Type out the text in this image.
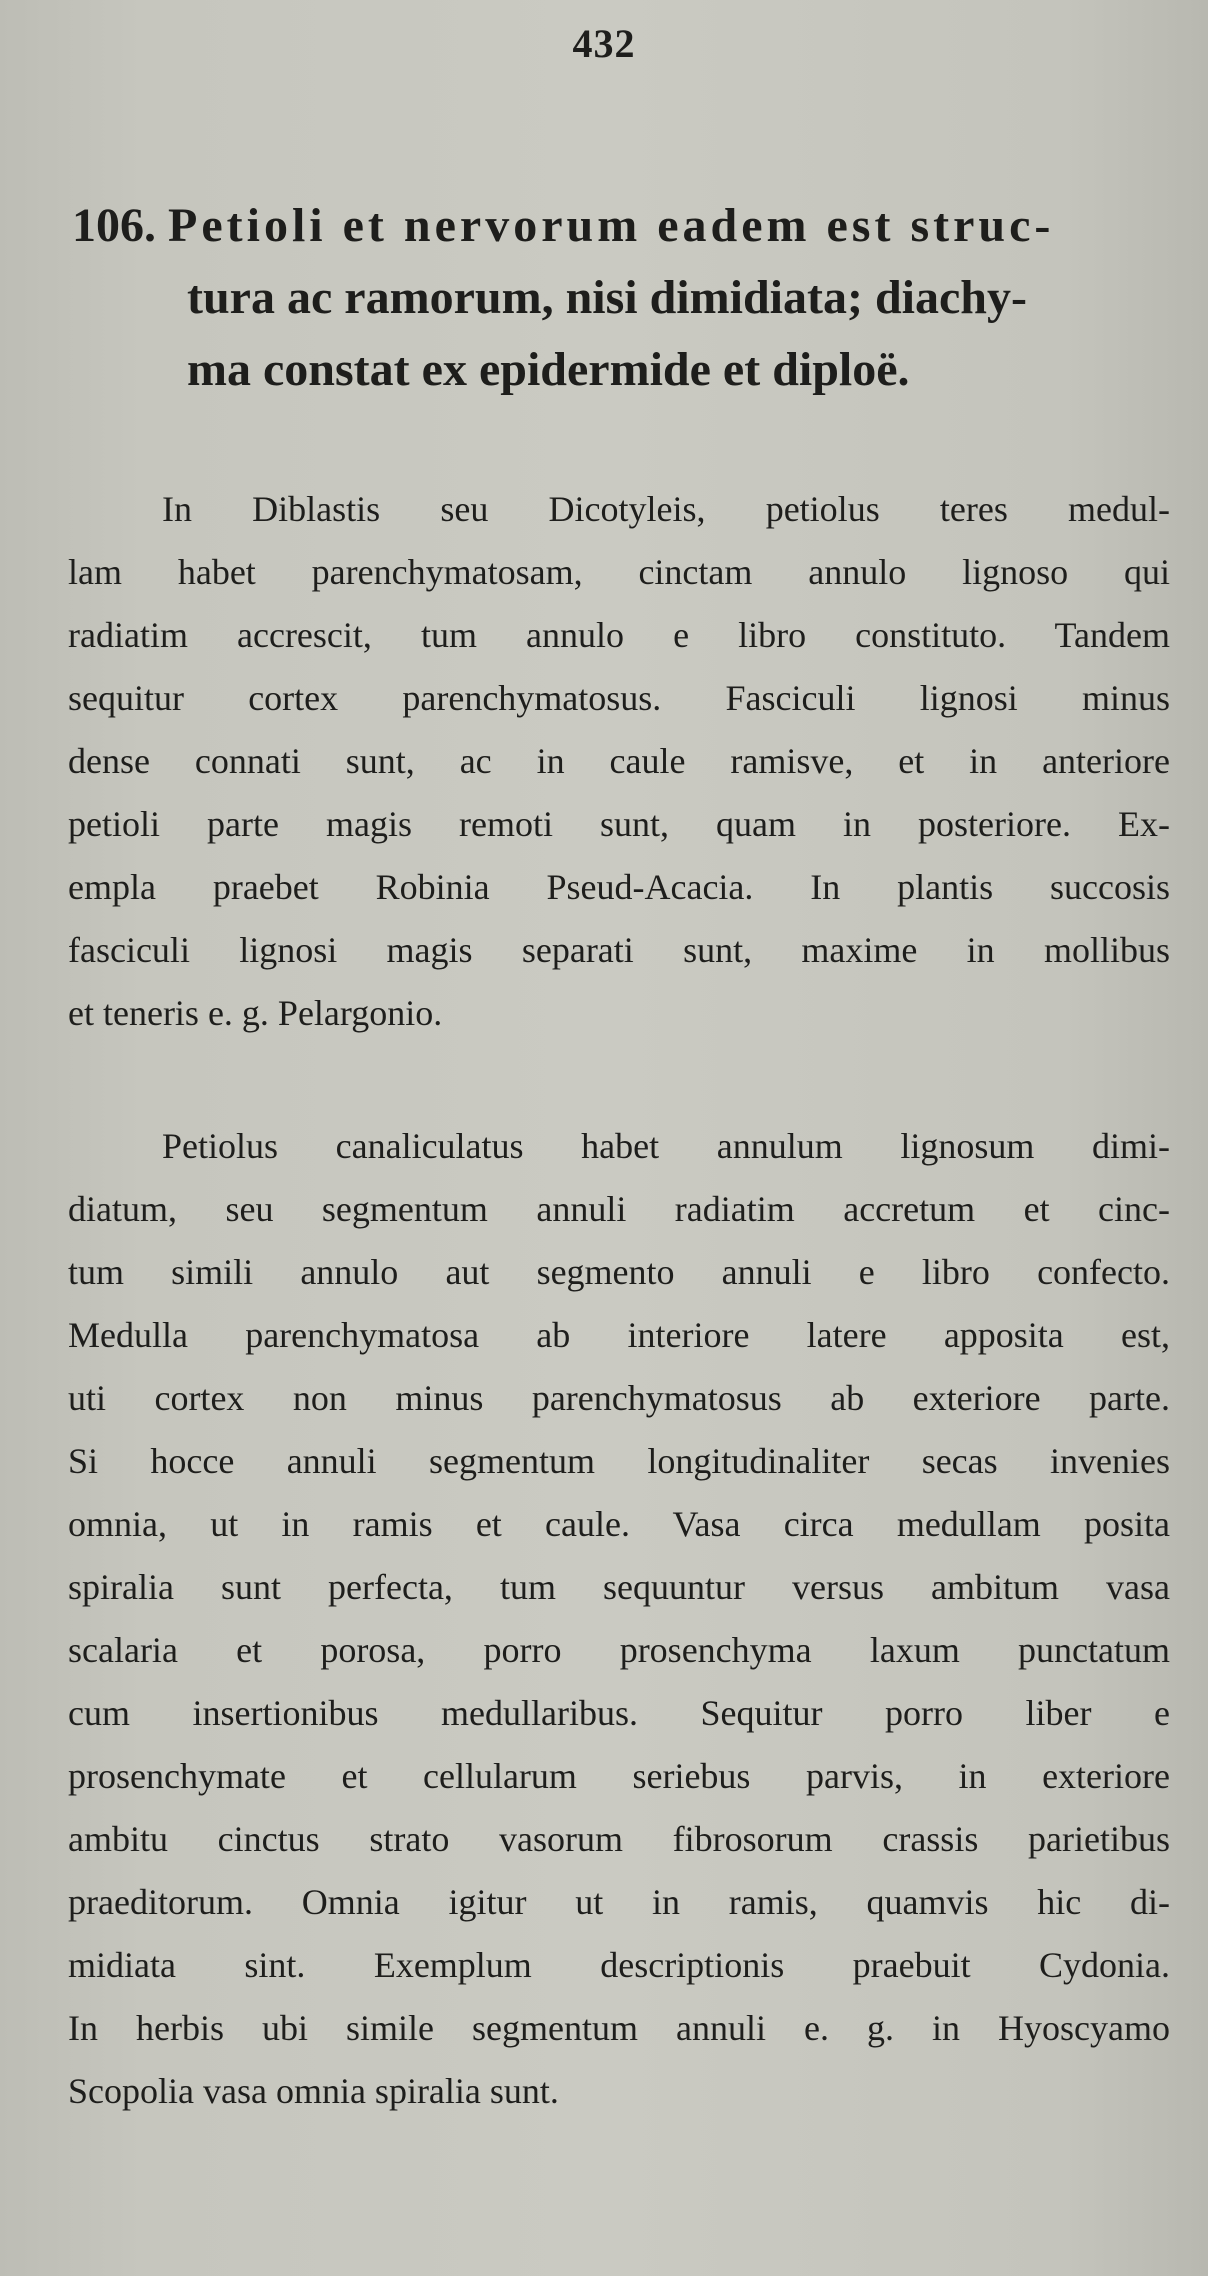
432
106. Petioli et nervorum eadem est struc-
tura ac ramorum, nisi dimidiata; diachy-
ma constat ex epidermide et diploë.
In Diblastis seu Dicotyleis, petiolus teres medul-
lam habet parenchymatosam, cinctam annulo lignoso qui
radiatim accrescit, tum annulo e libro constituto. Tandem
sequitur cortex parenchymatosus. Fasciculi lignosi minus
dense connati sunt, ac in caule ramisve, et in anteriore
petioli parte magis remoti sunt, quam in posteriore. Ex-
empla praebet Robinia Pseud-Acacia. In plantis succosis
fasciculi lignosi magis separati sunt, maxime in mollibus
et teneris e. g. Pelargonio.
Petiolus canaliculatus habet annulum lignosum dimi-
diatum, seu segmentum annuli radiatim accretum et cinc-
tum simili annulo aut segmento annuli e libro confecto.
Medulla parenchymatosa ab interiore latere apposita est,
uti cortex non minus parenchymatosus ab exteriore parte.
Si hocce annuli segmentum longitudinaliter secas invenies
omnia, ut in ramis et caule. Vasa circa medullam posita
spiralia sunt perfecta, tum sequuntur versus ambitum vasa
scalaria et porosa, porro prosenchyma laxum punctatum
cum insertionibus medullaribus. Sequitur porro liber e
prosenchymate et cellularum seriebus parvis, in exteriore
ambitu cinctus strato vasorum fibrosorum crassis parietibus
praeditorum. Omnia igitur ut in ramis, quamvis hic di-
midiata sint. Exemplum descriptionis praebuit Cydonia.
In herbis ubi simile segmentum annuli e. g. in Hyoscyamo
Scopolia vasa omnia spiralia sunt.
